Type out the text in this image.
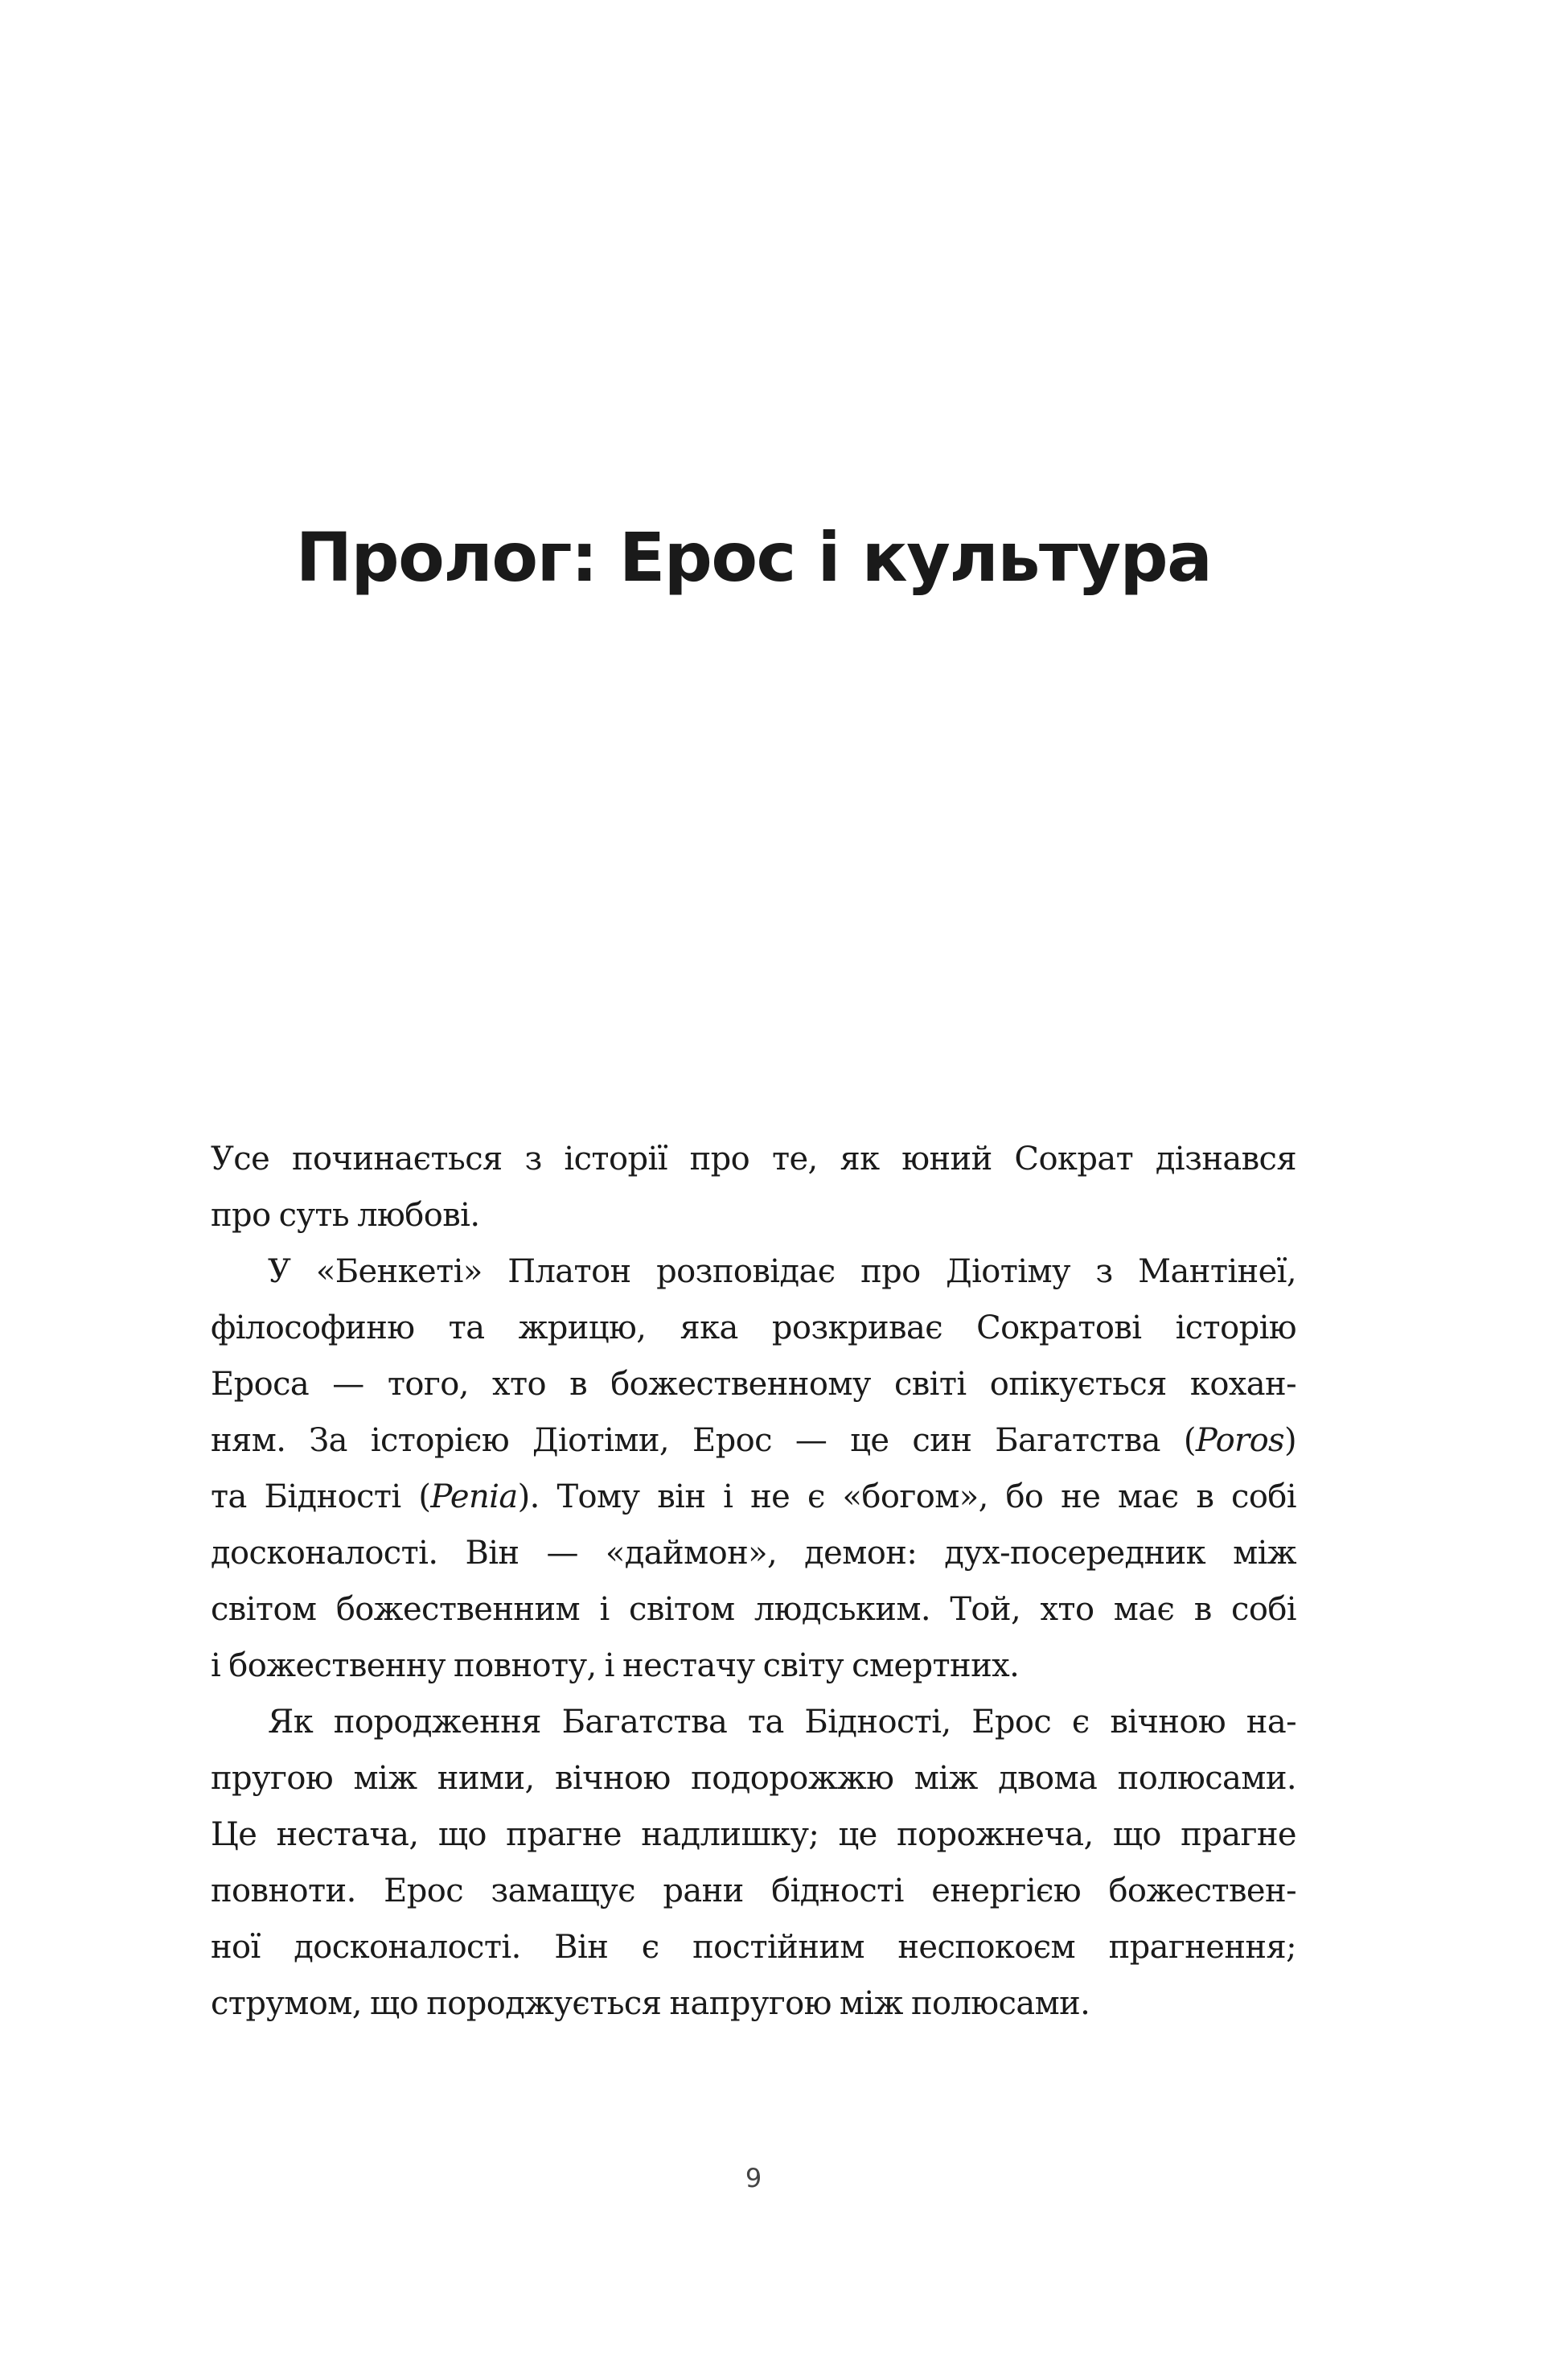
Пролог: Ерос і культура
Усе починається з історії про те, як юний Сократ дізнався
про суть любові.
У «Бенкеті» Платон розповідає про Діотіму з Мантінеї,
філософиню та жрицю, яка розкриває Сократові історію
Ероса — того, хто в божественному світі опікується кохан-
ням. За історією Діотіми, Ерос — це син Багатства (Poros)
та Бідності (Penia). Тому він і не є «богом», бо не має в собі
досконалості. Він — «даймон», демон: дух-посередник між
світом божественним і світом людським. Той, хто має в собі
і божественну повноту, і нестачу світу смертних.
Як породження Багатства та Бідності, Ерос є вічною на-
пругою між ними, вічною подорожжю між двома полюсами.
Це нестача, що прагне надлишку; це порожнеча, що прагне
повноти. Ерос замащує рани бідності енергією божествен-
ної досконалості. Він є постійним неспокоєм прагнення;
струмом, що породжується напругою між полюсами.
9
